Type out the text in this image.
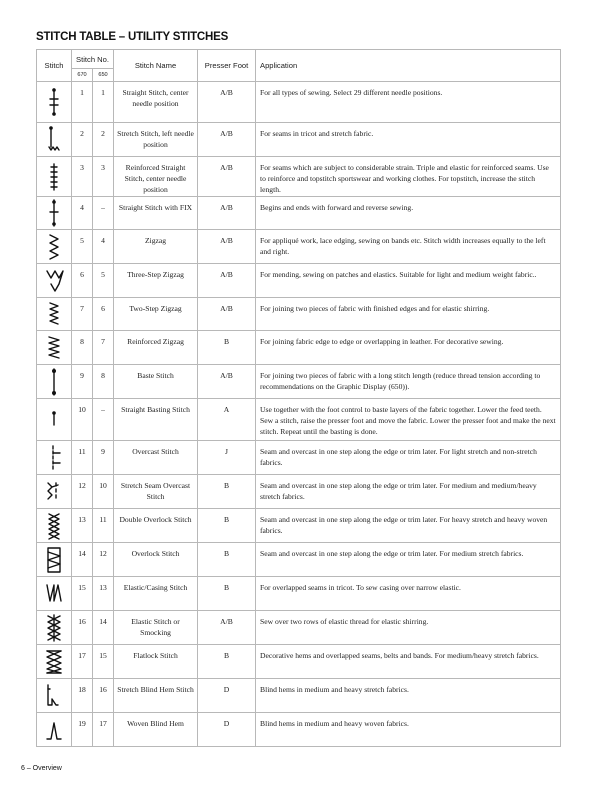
STITCH TABLE – UTILITY STITCHES
Stitch	Stitch No.		Stitch Name	Presser Foot	Application
	670	650			

	1	1	Straight Stitch, center needle position	A/B	For all types of sewing. Select 29 different needle positions.

	2	2	Stretch Stitch, left needle position	A/B	For seams in tricot and stretch fabric.

	3	3	Reinforced Straight Stitch, center needle position	A/B	For seams which are subject to considerable strain. Triple and elastic for reinforced seams. Use to reinforce and topstitch sportswear and working clothes. For topstitch, increase the stitch length.

	4	–	Straight Stitch with FIX	A/B	Begins and ends with forward and reverse sewing.

	5	4	Zigzag	A/B	For appliqué work, lace edging, sewing on bands etc. Stitch width increases equally to the left and right.

	6	5	Three-Step Zigzag	A/B	For mending, sewing on patches and elastics. Suitable for light and medium weight fabric..

	7	6	Two-Step Zigzag	A/B	For joining two pieces of fabric with finished edges and for elastic shirring.

	8	7	Reinforced Zigzag	B	For joining fabric edge to edge or overlapping in leather. For decorative sewing.

	9	8	Baste Stitch	A/B	For joining two pieces of fabric with a long stitch length (reduce thread tension according to recommendations on the Graphic Display (650)).

	10	–	Straight Basting Stitch	A	Use together with the foot control to baste layers of the fabric together. Lower the feed teeth. Sew a stitch, raise the presser foot and move the fabric. Lower the presser foot and make the next stitch. Repeat until the basting is done.

	11	9	Overcast Stitch	J	Seam and overcast in one step along the edge or trim later. For light stretch and non-stretch fabrics.

	12	10	Stretch Seam Overcast Stitch	B	Seam and overcast in one step along the edge or trim later. For medium and medium/heavy stretch fabrics.

	13	11	Double Overlock Stitch	B	Seam and overcast in one step along the edge or trim later. For heavy stretch and heavy woven fabrics.

	14	12	Overlock Stitch	B	Seam and overcast in one step along the edge or trim later. For medium stretch fabrics.

	15	13	Elastic/Casing Stitch	B	For overlapped seams in tricot. To sew casing over narrow elastic.

	16	14	Elastic Stitch or Smocking	A/B	Sew over two rows of elastic thread for elastic shirring.

	17	15	Flatlock Stitch	B	Decorative hems and overlapped seams, belts and bands. For medium/heavy stretch fabrics.

	18	16	Stretch Blind Hem Stitch	D	Blind hems in medium and heavy stretch fabrics.

	19	17	Woven Blind Hem	D	Blind hems in medium and heavy woven fabrics.
6 – Overview
